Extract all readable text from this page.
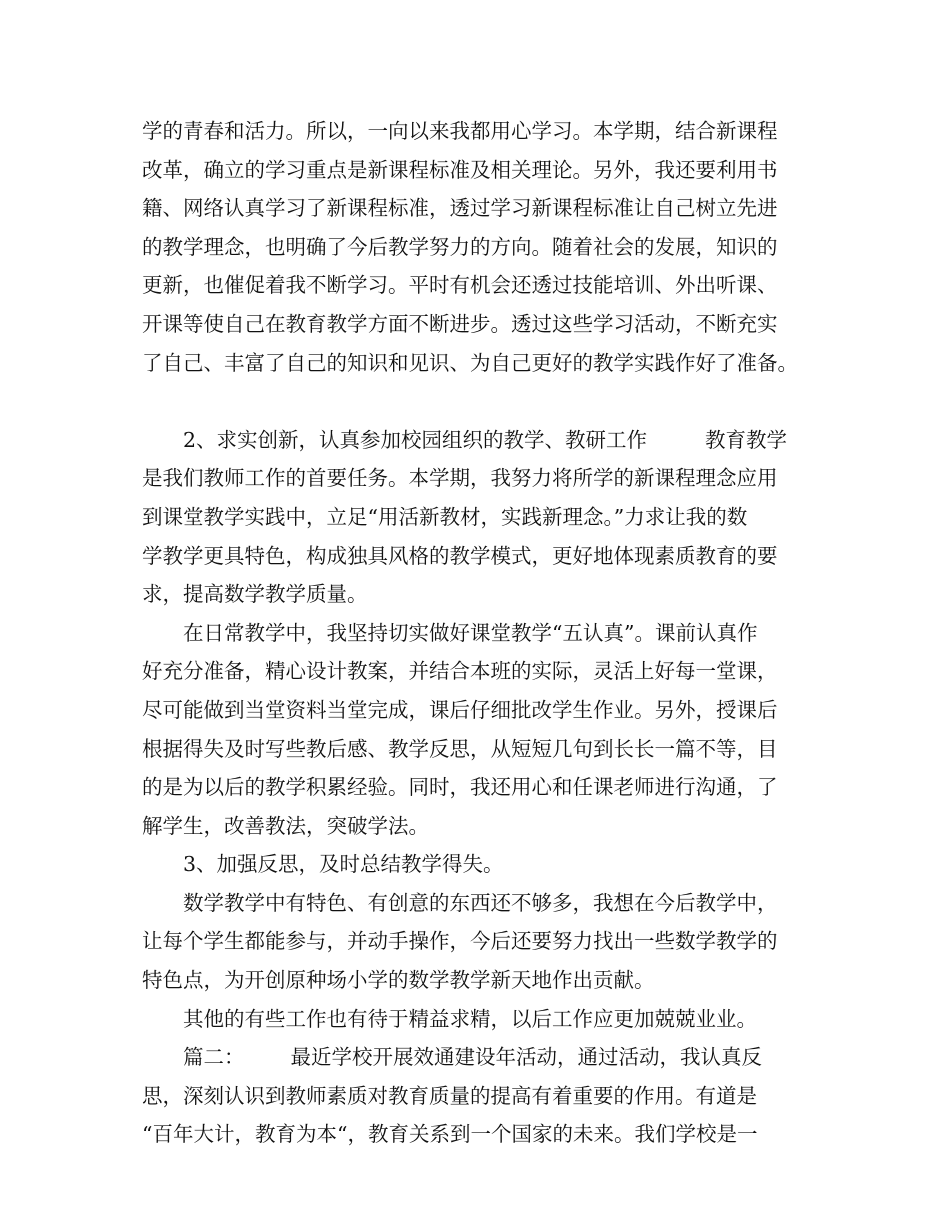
学的青春和活力。所以，一向以来我都用心学习。本学期，结合新课程
改革，确立的学习重点是新课程标准及相关理论。另外，我还要利用书
籍、网络认真学习了新课程标准，透过学习新课程标准让自己树立先进
的教学理念，也明确了今后教学努力的方向。随着社会的发展，知识的
更新，也催促着我不断学习。平时有机会还透过技能培训、外出听课、
开课等使自己在教育教学方面不断进步。透过这些学习活动，不断充实
了自己、丰富了自己的知识和见识、为自己更好的教学实践作好了准备。
2、求实创新，认真参加校园组织的教学、教研工作	教育教学
是我们教师工作的首要任务。本学期，我努力将所学的新课程理念应用
到课堂教学实践中，立足“用活新教材，实践新理念。”力求让我的数
学教学更具特色，构成独具风格的教学模式，更好地体现素质教育的要
求，提高数学教学质量。
在日常教学中，我坚持切实做好课堂教学“五认真”。课前认真作
好充分准备，精心设计教案，并结合本班的实际，灵活上好每一堂课，
尽可能做到当堂资料当堂完成，课后仔细批改学生作业。另外，授课后
根据得失及时写些教后感、教学反思，从短短几句到长长一篇不等，目
的是为以后的教学积累经验。同时，我还用心和任课老师进行沟通，了
解学生，改善教法，突破学法。
3、加强反思，及时总结教学得失。
数学教学中有特色、有创意的东西还不够多，我想在今后教学中，
让每个学生都能参与，并动手操作，今后还要努力找出一些数学教学的
特色点，为开创原种场小学的数学教学新天地作出贡献。
其他的有些工作也有待于精益求精，以后工作应更加兢兢业业。
篇二： 最近学校开展效通建设年活动，通过活动，我认真反
思，深刻认识到教师素质对教育质量的提高有着重要的作用。有道是
“百年大计，教育为本“，教育关系到一个国家的未来。我们学校是一
